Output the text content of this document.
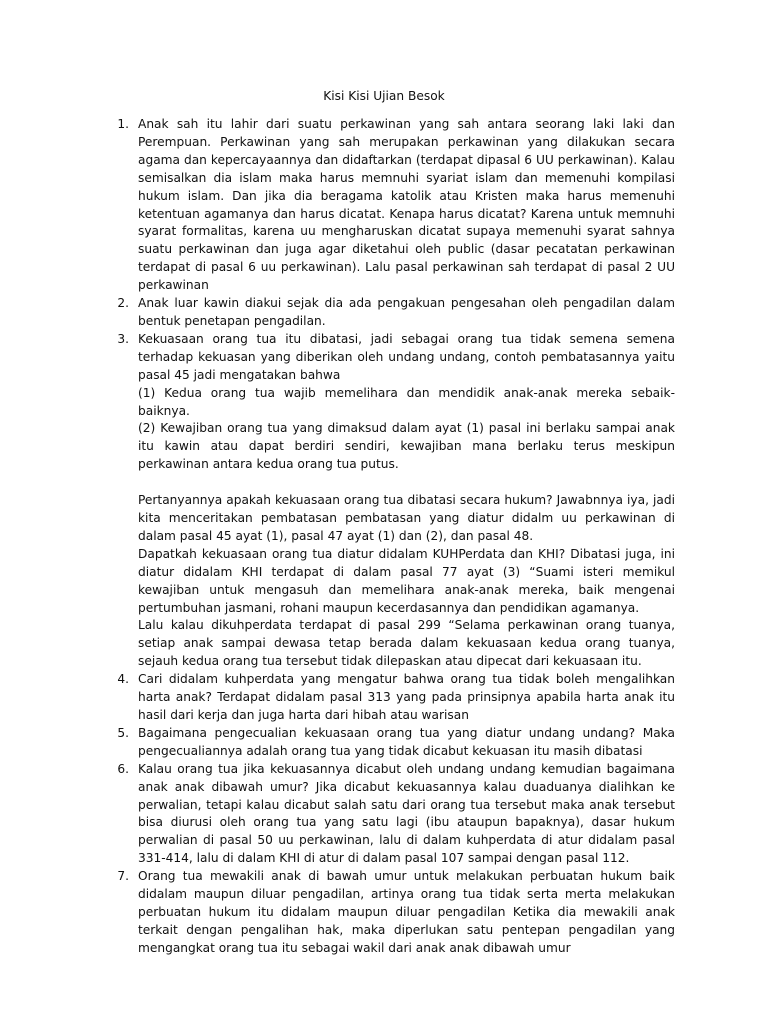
Kisi Kisi Ujian Besok
1. Anak sah itu lahir dari suatu perkawinan yang sah antara seorang laki laki dan Perempuan. Perkawinan yang sah merupakan perkawinan yang dilakukan secara agama dan kepercayaannya dan didaftarkan (terdapat dipasal 6 UU perkawinan). Kalau semisalkan dia islam maka harus memnuhi syariat islam dan memenuhi kompilasi hukum islam. Dan jika dia beragama katolik atau Kristen maka harus memenuhi ketentuan agamanya dan harus dicatat. Kenapa harus dicatat? Karena untuk memnuhi syarat formalitas, karena uu mengharuskan dicatat supaya memenuhi syarat sahnya suatu perkawinan dan juga agar diketahui oleh public (dasar pecatatan perkawinan terdapat di pasal 6 uu perkawinan). Lalu pasal perkawinan sah terdapat di pasal 2 UU perkawinan

2. Anak luar kawin diakui sejak dia ada pengakuan pengesahan oleh pengadilan dalam bentuk penetapan pengadilan.

3. Kekuasaan orang tua itu dibatasi, jadi sebagai orang tua tidak semena semena terhadap kekuasan yang diberikan oleh undang undang, contoh pembatasannya yaitu pasal 45 jadi mengatakan bahwa

(1) Kedua orang tua wajib memelihara dan mendidik anak-anak mereka sebaik-baiknya.

(2) Kewajiban orang tua yang dimaksud dalam ayat (1) pasal ini berlaku sampai anak itu kawin atau dapat berdiri sendiri, kewajiban mana berlaku terus meskipun perkawinan antara kedua orang tua putus.

Pertanyannya apakah kekuasaan orang tua dibatasi secara hukum? Jawabnnya iya, jadi kita menceritakan pembatasan pembatasan yang diatur didalm uu perkawinan di dalam pasal 45 ayat (1), pasal 47 ayat (1) dan (2), dan pasal 48.

Dapatkah kekuasaan orang tua diatur didalam KUHPerdata dan KHI? Dibatasi juga, ini diatur didalam KHI terdapat di dalam pasal 77 ayat (3) “Suami isteri memikul kewajiban untuk mengasuh dan memelihara anak-anak mereka, baik mengenai pertumbuhan jasmani, rohani maupun kecerdasannya dan pendidikan agamanya.

Lalu kalau dikuhperdata terdapat di pasal 299 “Selama perkawinan orang tuanya, setiap anak sampai dewasa tetap berada dalam kekuasaan kedua orang tuanya, sejauh kedua orang tua tersebut tidak dilepaskan atau dipecat dari kekuasaan itu.

4. Cari didalam kuhperdata yang mengatur bahwa orang tua tidak boleh mengalihkan harta anak? Terdapat didalam pasal 313 yang pada prinsipnya apabila harta anak itu hasil dari kerja dan juga harta dari hibah atau warisan

5. Bagaimana pengecualian kekuasaan orang tua yang diatur undang undang? Maka pengecualiannya adalah orang tua yang tidak dicabut kekuasan itu masih dibatasi

6. Kalau orang tua jika kekuasannya dicabut oleh undang undang kemudian bagaimana anak anak dibawah umur? Jika dicabut kekuasannya kalau duaduanya dialihkan ke perwalian, tetapi kalau dicabut salah satu dari orang tua tersebut maka anak tersebut bisa diurusi oleh orang tua yang satu lagi (ibu ataupun bapaknya), dasar hukum perwalian di pasal 50 uu perkawinan, lalu di dalam kuhperdata di atur didalam pasal 331-414, lalu di dalam KHI di atur di dalam pasal 107 sampai dengan pasal 112.

7. Orang tua mewakili anak di bawah umur untuk melakukan perbuatan hukum baik didalam maupun diluar pengadilan, artinya orang tua tidak serta merta melakukan perbuatan hukum itu didalam maupun diluar pengadilan Ketika dia mewakili anak terkait dengan pengalihan hak, maka diperlukan satu pentepan pengadilan yang mengangkat orang tua itu sebagai wakil dari anak anak dibawah umur
